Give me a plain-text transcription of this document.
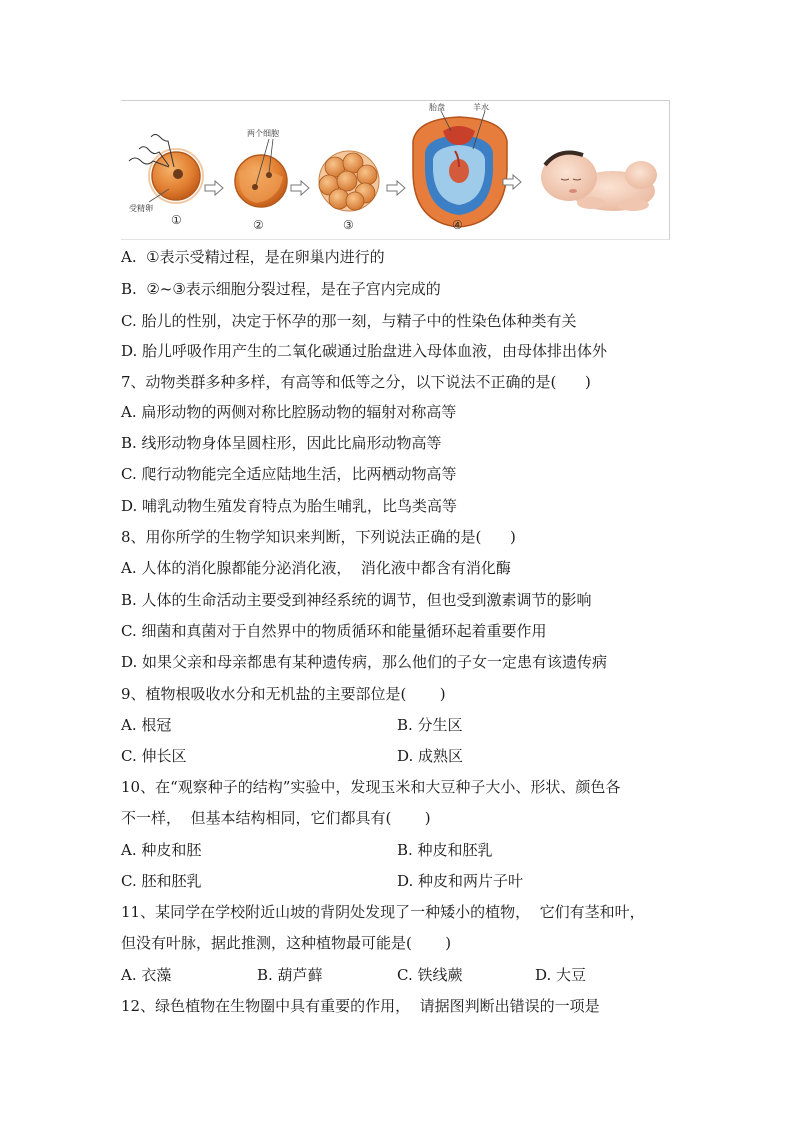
受精卵
①
两个细胞
②	③
胎盘	羊水
④
A.  ①表示受精过程，是在卵巢内进行的
B.  ②~③表示细胞分裂过程，是在子宫内完成的
C. 胎儿的性别，决定于怀孕的那一刻，与精子中的性染色体种类有关
D. 胎儿呼吸作用产生的二氧化碳通过胎盘进入母体血液，由母体排出体外
7、动物类群多种多样，有高等和低等之分，以下说法不正确的是(      )
A. 扁形动物的两侧对称比腔肠动物的辐射对称高等
B. 线形动物身体呈圆柱形，因此比扁形动物高等
C. 爬行动物能完全适应陆地生活，比两栖动物高等
D. 哺乳动物生殖发育特点为胎生哺乳，比鸟类高等
8、用你所学的生物学知识来判断，下列说法正确的是(      )
A. 人体的消化腺都能分泌消化液，  消化液中都含有消化酶
B. 人体的生命活动主要受到神经系统的调节，但也受到激素调节的影响
C. 细菌和真菌对于自然界中的物质循环和能量循环起着重要作用
D. 如果父亲和母亲都患有某种遗传病，那么他们的子女一定患有该遗传病
9、植物根吸收水分和无机盐的主要部位是(       )
A. 根冠	B. 分生区
C. 伸长区	D. 成熟区
10、在“观察种子的结构”实验中，发现玉米和大豆种子大小、形状、颜色各
不一样，  但基本结构相同，它们都具有(       )
A. 种皮和胚	B. 种皮和胚乳
C. 胚和胚乳	D. 种皮和两片子叶
11、某同学在学校附近山坡的背阴处发现了一种矮小的植物，  它们有茎和叶，
但没有叶脉，据此推测，这种植物最可能是(       )
A. 衣藻	B. 葫芦藓	C. 铁线蕨	D. 大豆
12、绿色植物在生物圈中具有重要的作用，  请据图判断出错误的一项是
